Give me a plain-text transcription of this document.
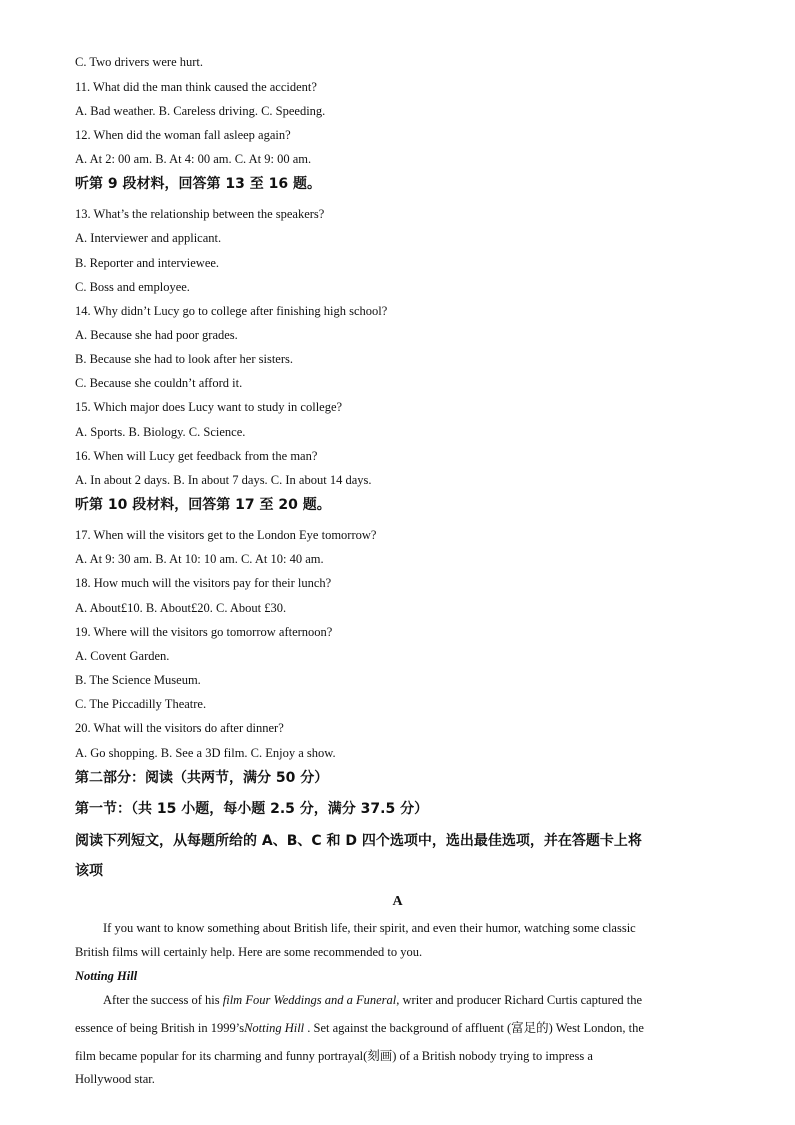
C. Two drivers were hurt.
11. What did the man think caused the accident?
A. Bad weather. B. Careless driving. C. Speeding.
12. When did the woman fall asleep again?
A. At 2: 00 am. B. At 4: 00 am. C. At 9: 00 am.
听第 9 段材料，回答第 13 至 16 题。
13. What’s the relationship between the speakers?
A. Interviewer and applicant.
B. Reporter and interviewee.
C. Boss and employee.
14. Why didn’t Lucy go to college after finishing high school?
A. Because she had poor grades.
B. Because she had to look after her sisters.
C. Because she couldn’t afford it.
15. Which major does Lucy want to study in college?
A. Sports. B. Biology. C. Science.
16. When will Lucy get feedback from the man?
A. In about 2 days. B. In about 7 days. C. In about 14 days.
听第 10 段材料，回答第 17 至 20 题。
17. When will the visitors get to the London Eye tomorrow?
A. At 9: 30 am. B. At 10: 10 am. C. At 10: 40 am.
18. How much will the visitors pay for their lunch?
A. About£10. B. About£20. C. About £30.
19. Where will the visitors go tomorrow afternoon?
A. Covent Garden.
B. The Science Museum.
C. The Piccadilly Theatre.
20. What will the visitors do after dinner?
A. Go shopping. B. See a 3D film. C. Enjoy a show.
第二部分：阅读（共两节，满分 50 分）
第一节：（共 15 小题，每小题 2.5 分，满分 37.5 分）
阅读下列短文，从每题所给的 A、B、C 和 D 四个选项中，选出最佳选项，并在答题卡上将
该项
A
If you want to know something about British life, their spirit, and even their humor, watching some classic
British films will certainly help. Here are some recommended to you.
Notting Hill
After the success of his film Four Weddings and a Funeral, writer and producer Richard Curtis captured the
essence of being British in 1999’sNotting Hill . Set against the background of affluent (富足的) West London, the
film became popular for its charming and funny portrayal(刻画) of a British nobody trying to impress a
Hollywood star.
